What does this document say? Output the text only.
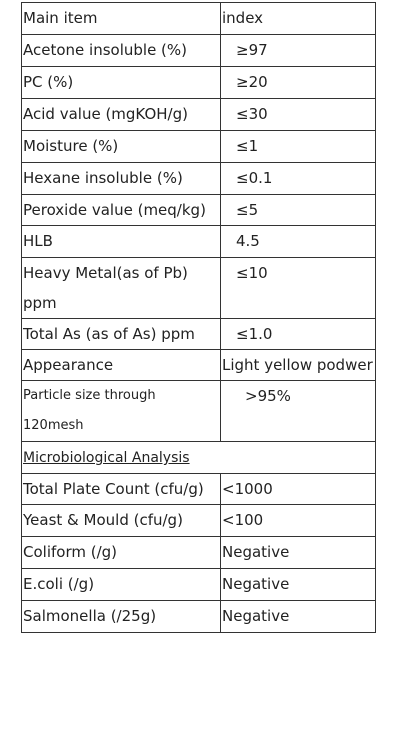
Main item	index
Acetone insoluble (%)	≥97
PC (%)	≥20
Acid value (mgKOH/g)	≤30
Moisture (%)	≤1
Hexane insoluble (%)	≤0.1
Peroxide value (meq/kg)	≤5
HLB	4.5
Heavy Metal(as of Pb) ppm	≤10
Total As (as of As) ppm	≤1.0
Appearance	Light yellow podwer
Particle size through 120mesh	>95%
Microbiological Analysis	
Total Plate Count (cfu/g)	<1000
Yeast & Mould (cfu/g)	<100
Coliform (/g)	Negative
E.coli (/g)	Negative
Salmonella (/25g)	Negative
